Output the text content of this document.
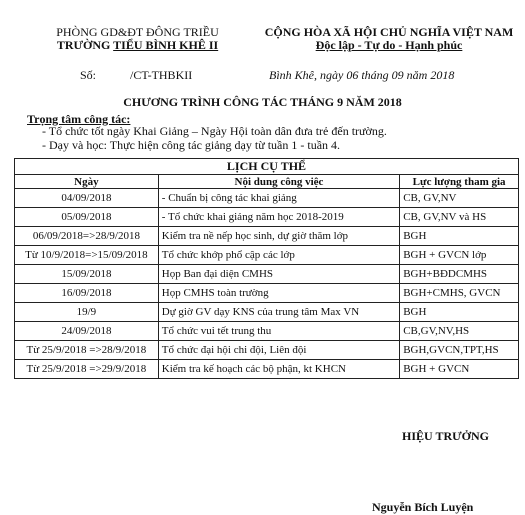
PHÒNG GD&ĐT ĐÔNG TRIỀU
TRƯỜNG TIỂU BÌNH KHÊ II
CỘNG HÒA XÃ HỘI CHỦ NGHĨA VIỆT NAM
Độc lập - Tự do - Hạnh phúc
Số:	/CT-THBKII	Bình Khê, ngày 06 tháng 09 năm 2018
CHƯƠNG TRÌNH CÔNG TÁC THÁNG 9 NĂM 2018
Trọng tâm công tác:
- Tổ chức tốt ngày Khai Giảng – Ngày Hội toàn dân đưa trẻ đến trường.
- Dạy và học: Thực hiện công tác giảng dạy từ tuần 1 - tuần 4.
LỊCH CỤ THỂ		
Ngày	Nội dung công việc	Lực lượng tham gia
04/09/2018	- Chuẩn bị công tác khai giảng	CB, GV,NV
05/09/2018	- Tổ chức khai giảng năm học 2018-2019	CB, GV,NV và HS
06/09/2018=>28/9/2018	Kiểm tra nề nếp học sinh, dự giờ thăm lớp	BGH
Từ 10/9/2018=>15/09/2018	Tổ chức khớp phổ cập các lớp	BGH + GVCN lớp
15/09/2018	Họp Ban đại diện CMHS	BGH+BĐDCMHS
16/09/2018	Họp CMHS toàn trường	BGH+CMHS, GVCN
19/9	Dự giờ GV dạy KNS của trung tâm Max VN	BGH
24/09/2018	Tổ chức vui tết trung thu	CB,GV,NV,HS
Từ 25/9/2018 =>28/9/2018	Tổ chức đại hội chi đội, Liên đội	BGH,GVCN,TPT,HS
Từ 25/9/2018 =>29/9/2018	Kiểm tra kế hoạch các bộ phận, kt KHCN	BGH + GVCN
HIỆU TRƯỞNG
Nguyễn Bích Luyện
